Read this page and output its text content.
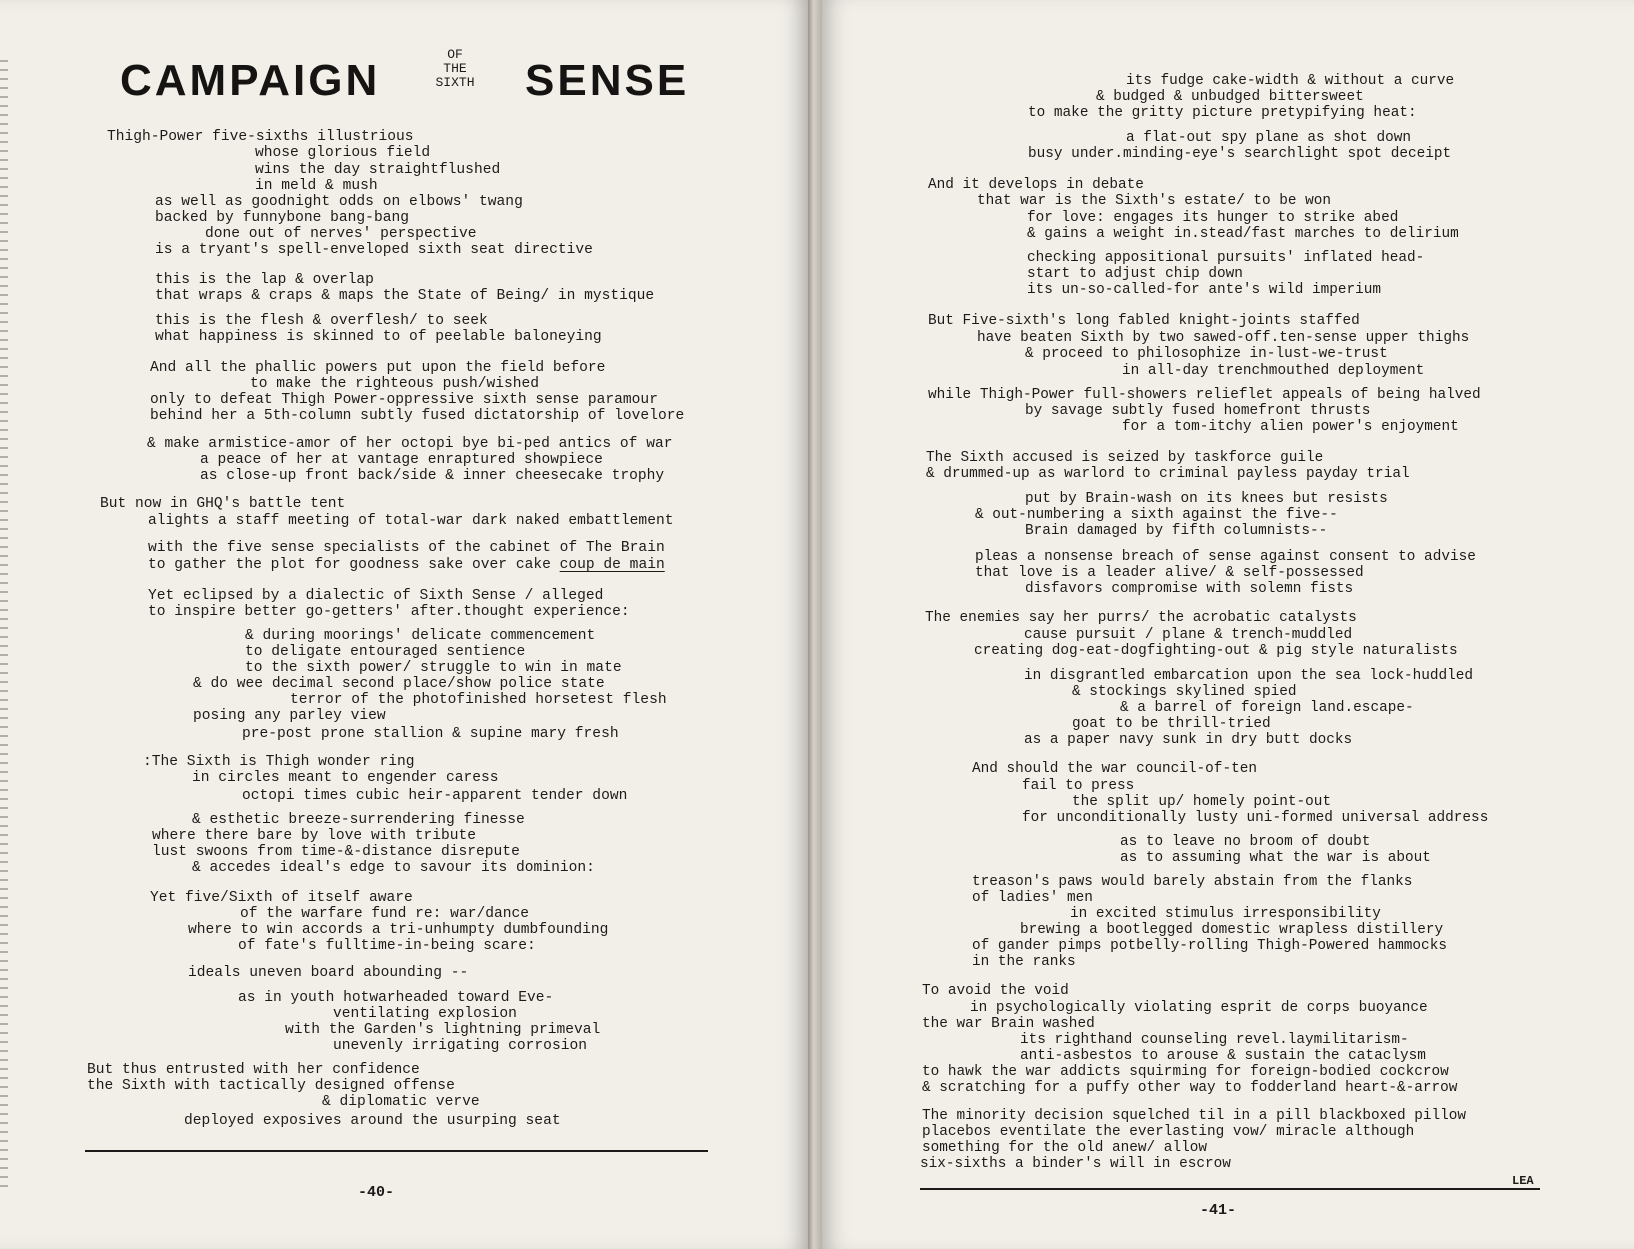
CAMPAIGN
OF
THE
SIXTH SENSE
Thigh-Power five-sixths illustrious
whose glorious field
wins the day straightflushed
in meld & mush
as well as goodnight odds on elbows' twang
backed by funnybone bang-bang
done out of nerves' perspective
is a tryant's spell-enveloped sixth seat directive
this is the lap & overlap
that wraps & craps & maps the State of Being/ in mystique
this is the flesh & overflesh/ to seek
what happiness is skinned to of peelable baloneying
And all the phallic powers put upon the field before
to make the righteous push/wished
only to defeat Thigh Power-oppressive sixth sense paramour
behind her a 5th-column subtly fused dictatorship of lovelore
& make armistice-amor of her octopi bye bi-ped antics of war
a peace of her at vantage enraptured showpiece
as close-up front back/side & inner cheesecake trophy
But now in GHQ's battle tent
alights a staff meeting of total-war dark naked embattlement
with the five sense specialists of the cabinet of The Brain
to gather the plot for goodness sake over cake coup de main
Yet eclipsed by a dialectic of Sixth Sense / alleged
to inspire better go-getters' after.thought experience:
& during moorings' delicate commencement
to deligate entouraged sentience
to the sixth power/ struggle to win in mate
& do wee decimal second place/show police state
terror of the photofinished horsetest flesh
posing any parley view
pre-post prone stallion & supine mary fresh
:The Sixth is Thigh wonder ring
in circles meant to engender caress
octopi times cubic heir-apparent tender down
& esthetic breeze-surrendering finesse
where there bare by love with tribute
lust swoons from time-&-distance disrepute
& accedes ideal's edge to savour its dominion:
Yet five/Sixth of itself aware
of the warfare fund re: war/dance
where to win accords a tri-unhumpty dumbfounding
of fate's fulltime-in-being scare:
ideals uneven board abounding --
as in youth hotwarheaded toward Eve-
ventilating explosion
with the Garden's lightning primeval
unevenly irrigating corrosion
But thus entrusted with her confidence
the Sixth with tactically designed offense
& diplomatic verve
deployed exposives around the usurping seat
-40-
its fudge cake-width & without a curve
& budged & unbudged bittersweet
to make the gritty picture pretypifying heat:
a flat-out spy plane as shot down
busy under.minding-eye's searchlight spot deceipt
And it develops in debate
that war is the Sixth's estate/ to be won
for love: engages its hunger to strike abed
& gains a weight in.stead/fast marches to delirium
checking appositional pursuits' inflated head-
start to adjust chip down
its un-so-called-for ante's wild imperium
But Five-sixth's long fabled knight-joints staffed
have beaten Sixth by two sawed-off.ten-sense upper thighs
& proceed to philosophize in-lust-we-trust
in all-day trenchmouthed deployment
while Thigh-Power full-showers relieflet appeals of being halved
by savage subtly fused homefront thrusts
for a tom-itchy alien power's enjoyment
The Sixth accused is seized by taskforce guile
& drummed-up as warlord to criminal payless payday trial
put by Brain-wash on its knees but resists
& out-numbering a sixth against the five--
Brain damaged by fifth columnists--
pleas a nonsense breach of sense against consent to advise
that love is a leader alive/ & self-possessed
disfavors compromise with solemn fists
The enemies say her purrs/ the acrobatic catalysts
cause pursuit / plane & trench-muddled
creating dog-eat-dogfighting-out & pig style naturalists
in disgrantled embarcation upon the sea lock-huddled
& stockings skylined spied
& a barrel of foreign land.escape-
goat to be thrill-tried
as a paper navy sunk in dry butt docks
And should the war council-of-ten
fail to press
the split up/ homely point-out
for unconditionally lusty uni-formed universal address
as to leave no broom of doubt
as to assuming what the war is about
treason's paws would barely abstain from the flanks
of ladies' men
in excited stimulus irresponsibility
brewing a bootlegged domestic wrapless distillery
of gander pimps potbelly-rolling Thigh-Powered hammocks
in the ranks
To avoid the void
in psychologically violating esprit de corps buoyance
the war Brain washed
its righthand counseling revel.laymilitarism-
anti-asbestos to arouse & sustain the cataclysm
to hawk the war addicts squirming for foreign-bodied cockcrow
& scratching for a puffy other way to fodderland heart-&-arrow
The minority decision squelched til in a pill blackboxed pillow
placebos eventilate the everlasting vow/ miracle although
something for the old anew/ allow
six-sixths a binder's will in escrow
LEA
-41-
